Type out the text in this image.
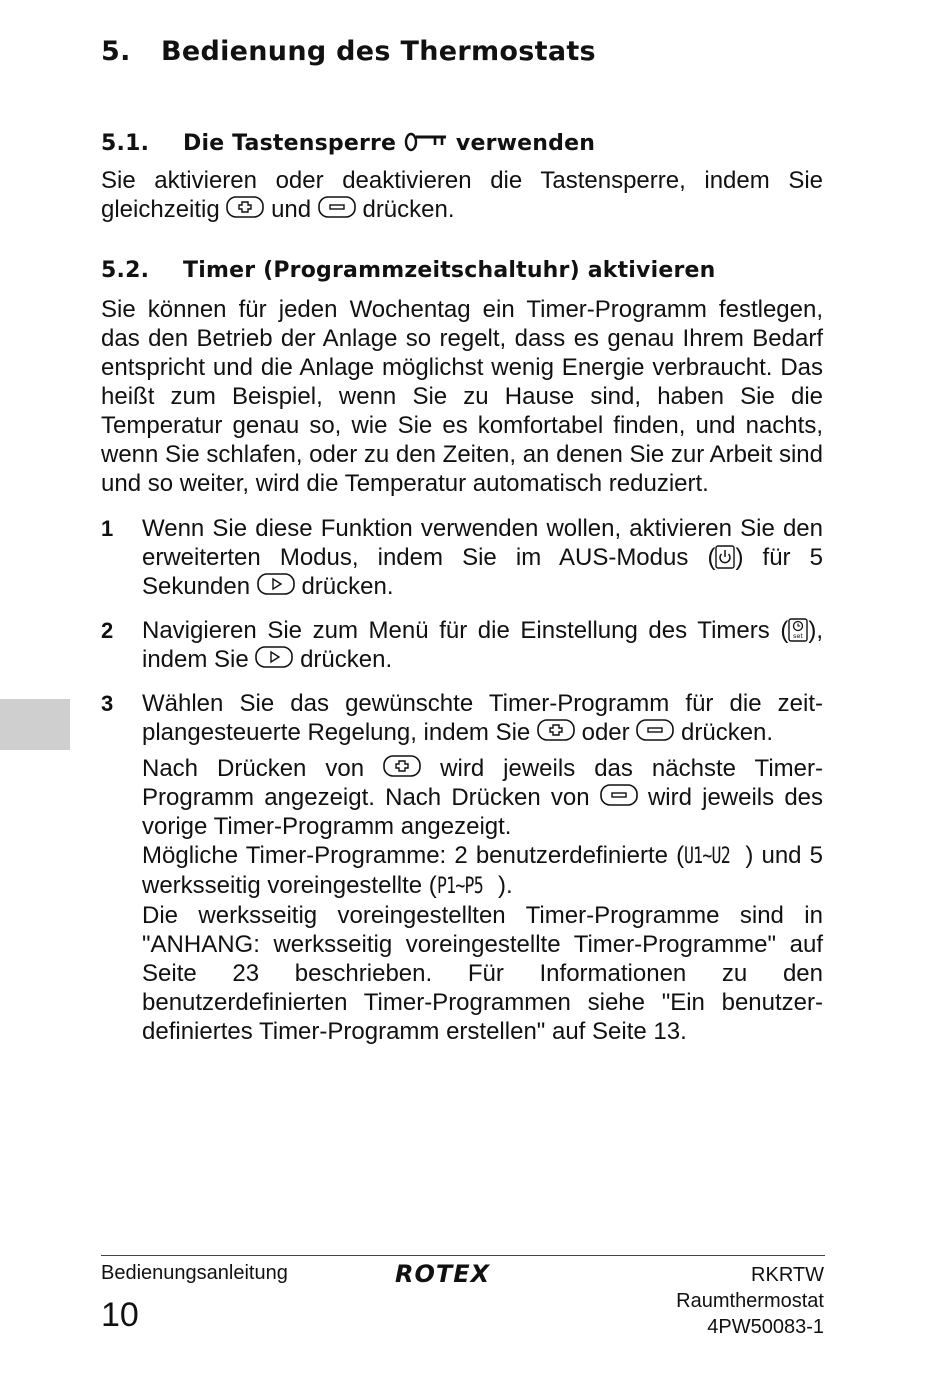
5. Bedienung des Thermostats
5.1. Die Tastensperre	verwenden

Sie aktivieren oder deaktivieren die Tastensperre, indem Sie gleichzeitig und drücken.

5.2. Timer (Programmzeitschaltuhr) aktivieren

Sie können für jeden Wochentag ein Timer-Programm festlegen, das den Betrieb der Anlage so regelt, dass es genau Ihrem Bedarf entspricht und die Anlage möglichst wenig Energie verbraucht. Das heißt zum Beispiel, wenn Sie zu Hause sind, haben Sie die Temperatur genau so, wie Sie es komfortabel finden, und nachts, wenn Sie schlafen, oder zu den Zeiten, an denen Sie zur Arbeit sind und so weiter, wird die Temperatur automatisch reduziert.

1 Wenn Sie diese Funktion verwenden wollen, aktivieren Sie den erweiterten Modus, indem Sie im AUS-Modus ( ) für 5 Sekunden drücken.

2 Navigieren Sie zum Menü für die Einstellung des Timers ( set ), indem Sie drücken.

3 Wählen Sie das gewünschte Timer-Programm für die zeit-plangesteuerte Regelung, indem Sie oder drücken.

Nach Drücken von	wird jeweils das nächste Timer-Programm angezeigt. Nach Drücken von wird jeweils des vorige Timer-Programm angezeigt.

Mögliche Timer-Programme: 2 benutzerdefinierte (U1~U2 ) und 5 werksseitig voreingestellte (P1~P5 ).

Die werksseitig voreingestellten Timer-Programme sind in "ANHANG: werksseitig voreingestellte Timer-Programme" auf Seite 23 beschrieben. Für Informationen zu den benutzerdefinierten Timer-Programmen siehe "Ein benutzer-definiertes Timer-Programm erstellen" auf Seite 13.

Bedienungsanleitung
10
ROTEX	RKRTW
Raumthermostat
4PW50083-1
